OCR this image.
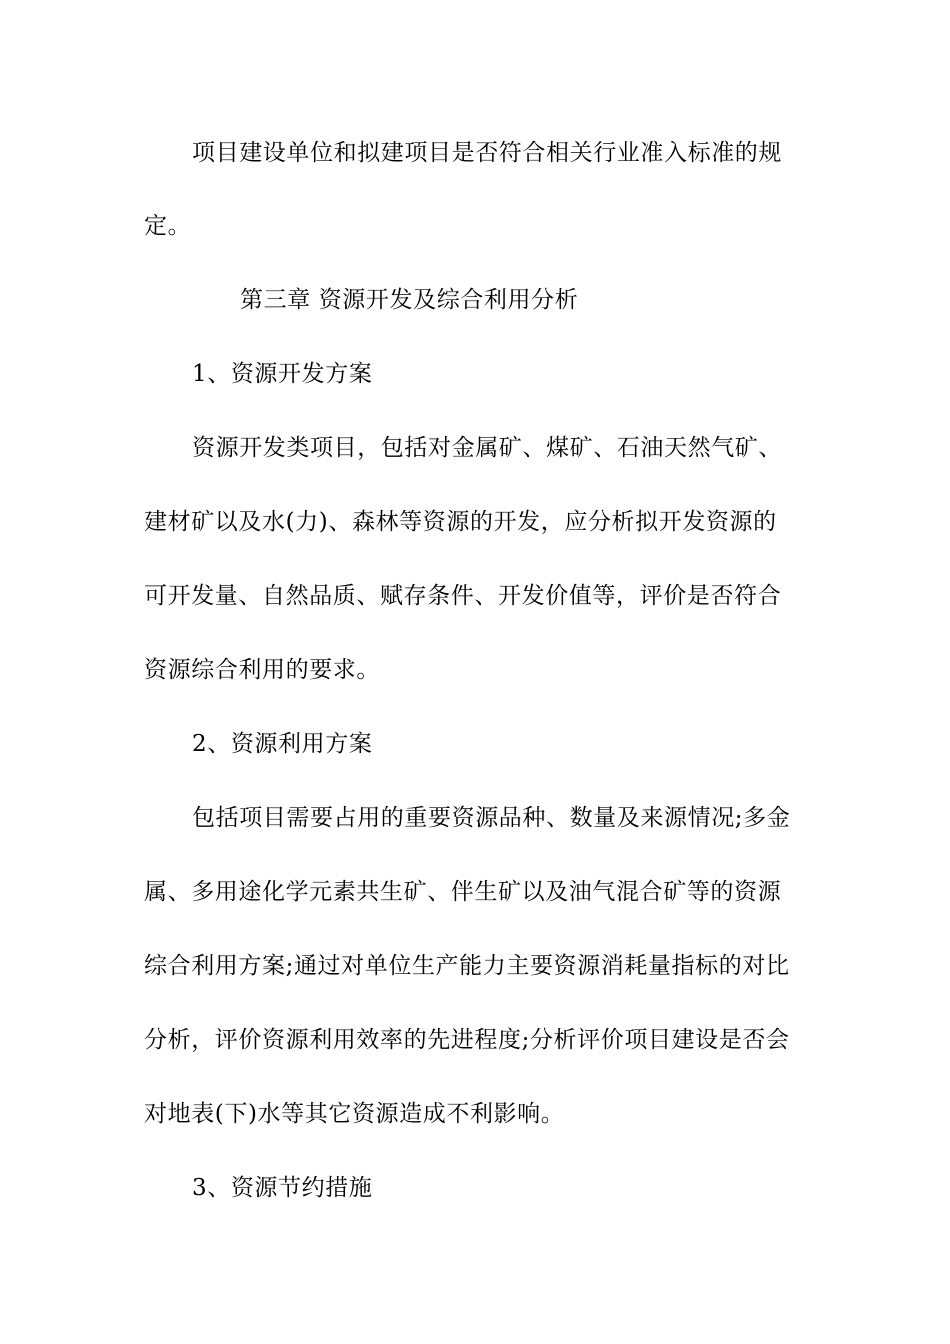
项目建设单位和拟建项目是否符合相关行业准入标准的规
定。
第三章 资源开发及综合利用分析
1、资源开发方案
资源开发类项目，包括对金属矿、煤矿、石油天然气矿、
建材矿以及水(力)、森林等资源的开发，应分析拟开发资源的
可开发量、自然品质、赋存条件、开发价值等，评价是否符合
资源综合利用的要求。
2、资源利用方案
包括项目需要占用的重要资源品种、数量及来源情况;多金
属、多用途化学元素共生矿、伴生矿以及油气混合矿等的资源
综合利用方案;通过对单位生产能力主要资源消耗量指标的对比
分析，评价资源利用效率的先进程度;分析评价项目建设是否会
对地表(下)水等其它资源造成不利影响。
3、资源节约措施
